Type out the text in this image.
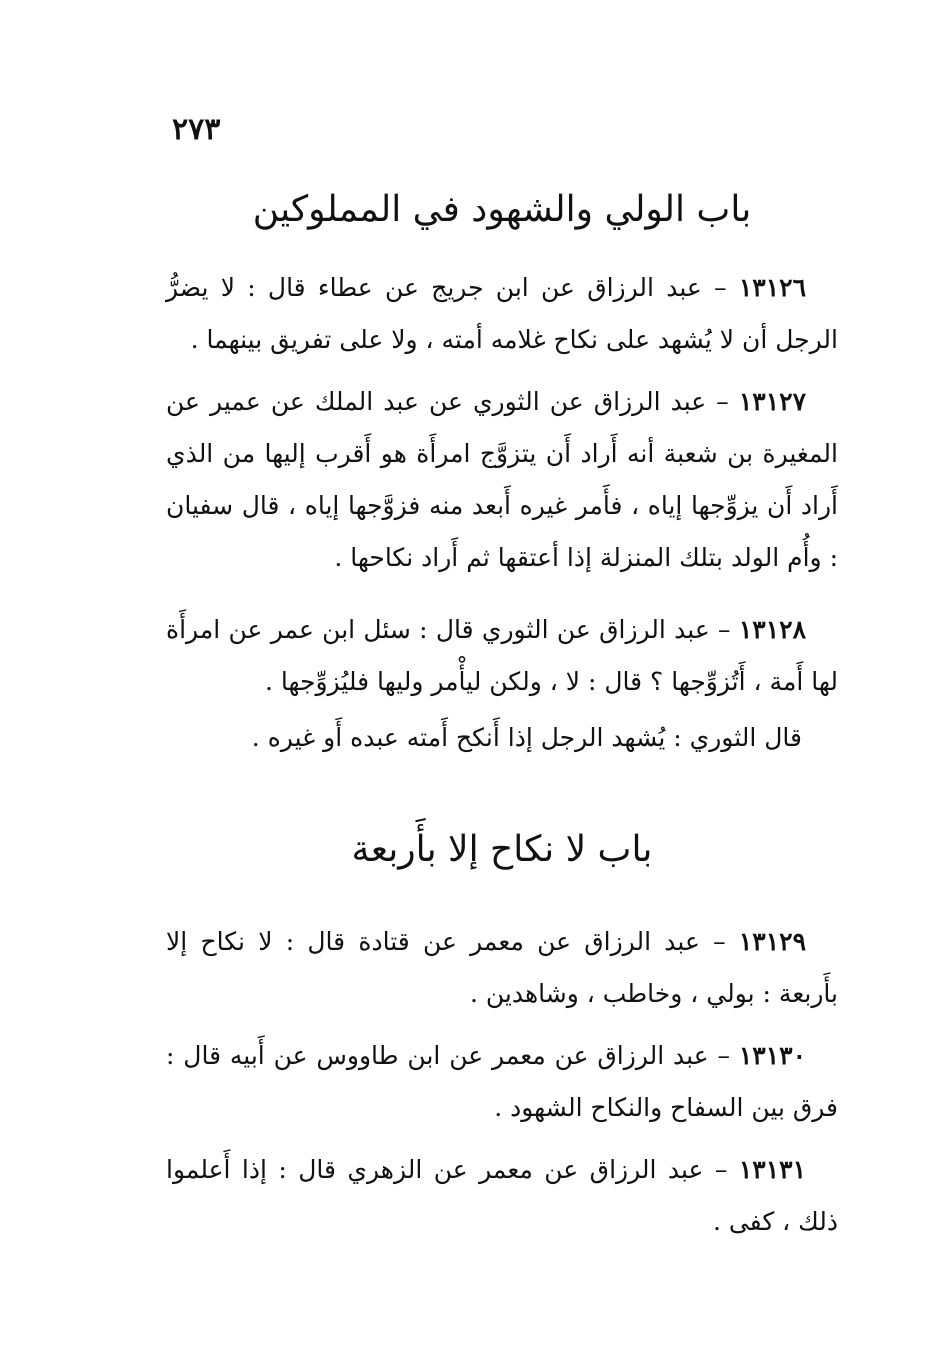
٢٧٣
باب الولي والشهود في المملوكين

١٣١٢٦ – عبد الرزاق عن ابن جريج عن عطاء قال : لا يضرُّ الرجل أن لا يُشهد على نكاح غلامه أمته ، ولا على تفريق بينهما .

١٣١٢٧ – عبد الرزاق عن الثوري عن عبد الملك عن عمير عن المغيرة بن شعبة أنه أَراد أَن يتزوَّج امرأَة هو أَقرب إليها من الذي أَراد أَن يزوِّجها إياه ، فأَمر غيره أَبعد منه فزوَّجها إياه ، قال سفيان : وأُم الولد بتلك المنزلة إذا أعتقها ثم أَراد نكاحها .

١٣١٢٨ – عبد الرزاق عن الثوري قال : سئل ابن عمر عن امرأَة لها أَمة ، أَتُزوِّجها ؟ قال : لا ، ولكن ليأْمر وليها فليُزوِّجها .

قال الثوري : يُشهد الرجل إذا أَنكح أَمته عبده أَو غيره .

باب لا نكاح إلا بأَربعة

١٣١٢٩ – عبد الرزاق عن معمر عن قتادة قال : لا نكاح إلا بأَربعة : بولي ، وخاطب ، وشاهدين .

١٣١٣٠ – عبد الرزاق عن معمر عن ابن طاووس عن أَبيه قال : فرق بين السفاح والنكاح الشهود .

١٣١٣١ – عبد الرزاق عن معمر عن الزهري قال : إذا أَعلموا ذلك ، كفى .
